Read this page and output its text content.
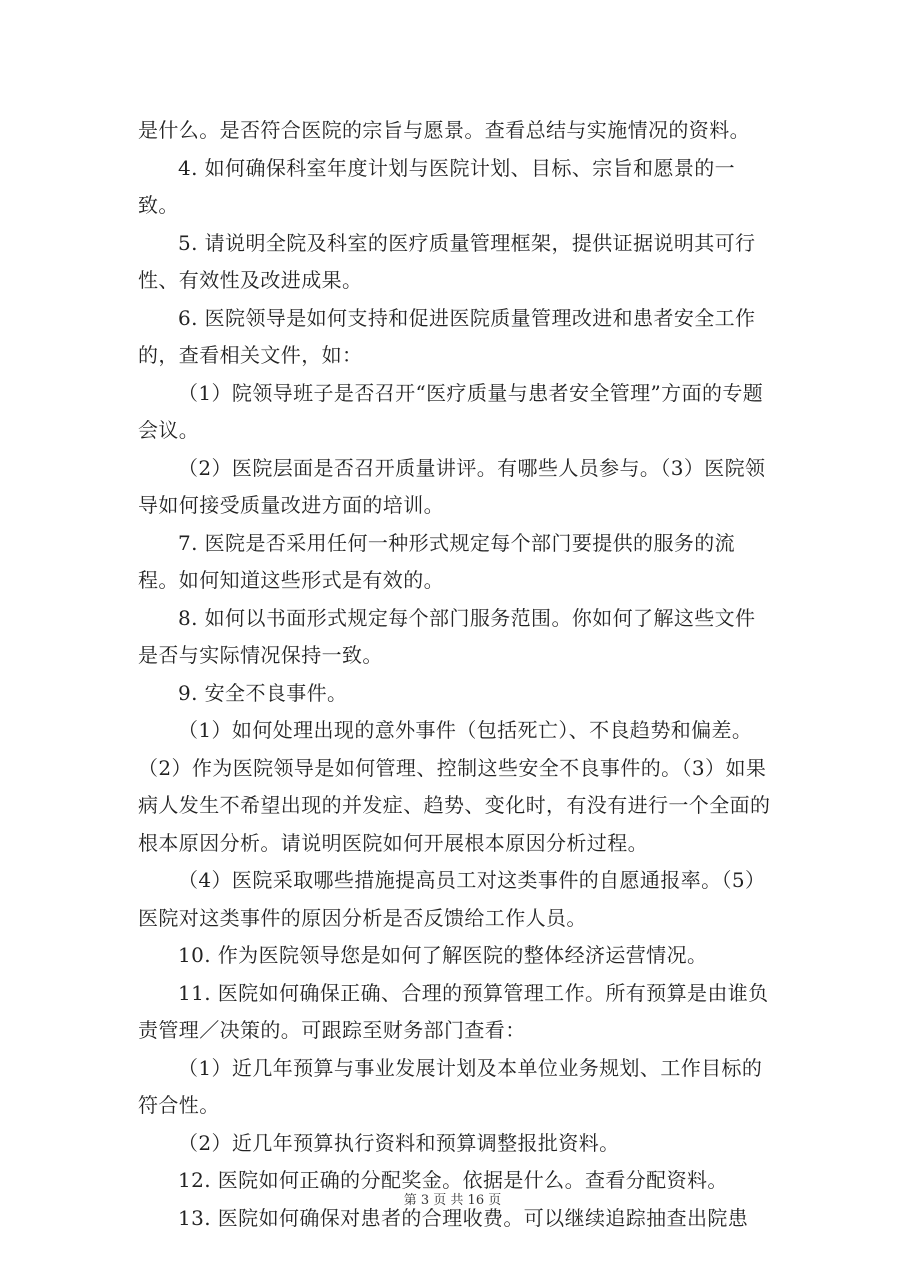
是什么。是否符合医院的宗旨与愿景。查看总结与实施情况的资料。

4. 如何确保科室年度计划与医院计划、目标、宗旨和愿景的一致。

5. 请说明全院及科室的医疗质量管理框架，提供证据说明其可行性、有效性及改进成果。

6. 医院领导是如何支持和促进医院质量管理改进和患者安全工作的，查看相关文件，如：

（1）院领导班子是否召开“医疗质量与患者安全管理”方面的专题会议。

（2）医院层面是否召开质量讲评。有哪些人员参与。（3）医院领导如何接受质量改进方面的培训。

7. 医院是否采用任何一种形式规定每个部门要提供的服务的流程。如何知道这些形式是有效的。

8. 如何以书面形式规定每个部门服务范围。你如何了解这些文件是否与实际情况保持一致。

9. 安全不良事件。

（1）如何处理出现的意外事件（包括死亡）、不良趋势和偏差。（2）作为医院领导是如何管理、控制这些安全不良事件的。（3）如果病人发生不希望出现的并发症、趋势、变化时，有没有进行一个全面的根本原因分析。请说明医院如何开展根本原因分析过程。

（4）医院采取哪些措施提高员工对这类事件的自愿通报率。（5）医院对这类事件的原因分析是否反馈给工作人员。

10. 作为医院领导您是如何了解医院的整体经济运营情况。

11. 医院如何确保正确、合理的预算管理工作。所有预算是由谁负责管理／决策的。可跟踪至财务部门查看：

（1）近几年预算与事业发展计划及本单位业务规划、工作目标的符合性。

（2）近几年预算执行资料和预算调整报批资料。

12. 医院如何正确的分配奖金。依据是什么。查看分配资料。

13. 医院如何确保对患者的合理收费。可以继续追踪抽查出院患

第 3 页 共 16 页
